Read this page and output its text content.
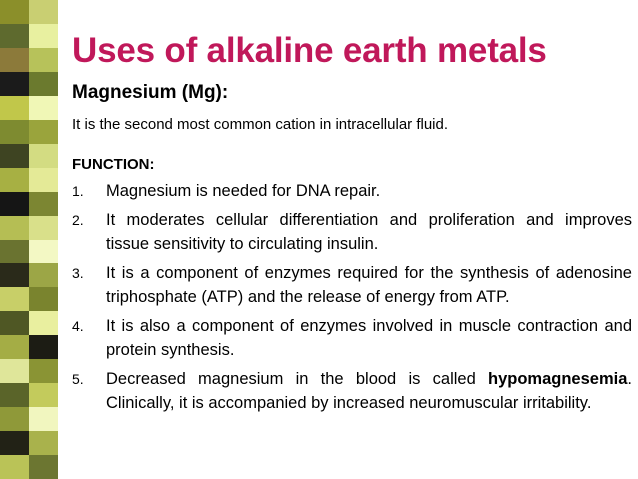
Uses of alkaline earth metals

Magnesium (Mg):

It is the second most common cation in intracellular fluid.

FUNCTION:

1.	Magnesium is needed for DNA repair.
2.	It moderates cellular differentiation and proliferation and improves tissue sensitivity to circulating insulin.
3.	It is a component of enzymes required for the synthesis of adenosine triphosphate (ATP) and the release of energy from ATP.
4.	It is also a component of enzymes involved in muscle contraction and protein synthesis.
5.	Decreased magnesium in the blood is called hypomagnesemia. Clinically, it is accompanied by increased neuromuscular irritability.
